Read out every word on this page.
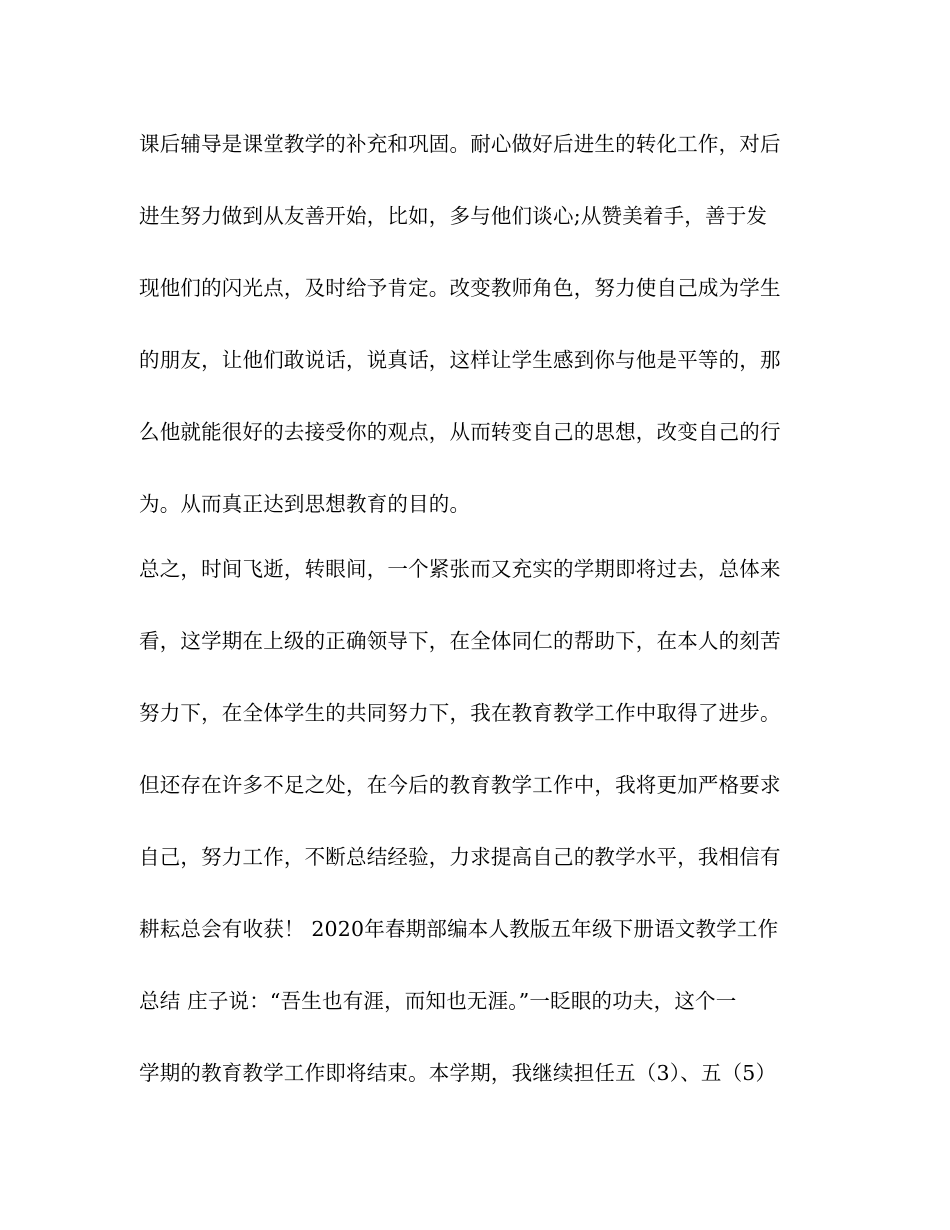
课后辅导是课堂教学的补充和巩固。耐心做好后进生的转化工作，对后
进生努力做到从友善开始，比如，多与他们谈心;从赞美着手，善于发
现他们的闪光点，及时给予肯定。改变教师角色，努力使自己成为学生
的朋友，让他们敢说话，说真话，这样让学生感到你与他是平等的，那
么他就能很好的去接受你的观点，从而转变自己的思想，改变自己的行
为。从而真正达到思想教育的目的。
总之，时间飞逝，转眼间，一个紧张而又充实的学期即将过去，总体来
看，这学期在上级的正确领导下，在全体同仁的帮助下，在本人的刻苦
努力下，在全体学生的共同努力下，我在教育教学工作中取得了进步。
但还存在许多不足之处，在今后的教育教学工作中，我将更加严格要求
自己，努力工作，不断总结经验，力求提高自己的教学水平，我相信有
耕耘总会有收获！ 2020年春期部编本人教版五年级下册语文教学工作
总结 庄子说：“吾生也有涯，而知也无涯。”一眨眼的功夫，这个一
学期的教育教学工作即将结束。本学期，我继续担任五（3）、五（5）
